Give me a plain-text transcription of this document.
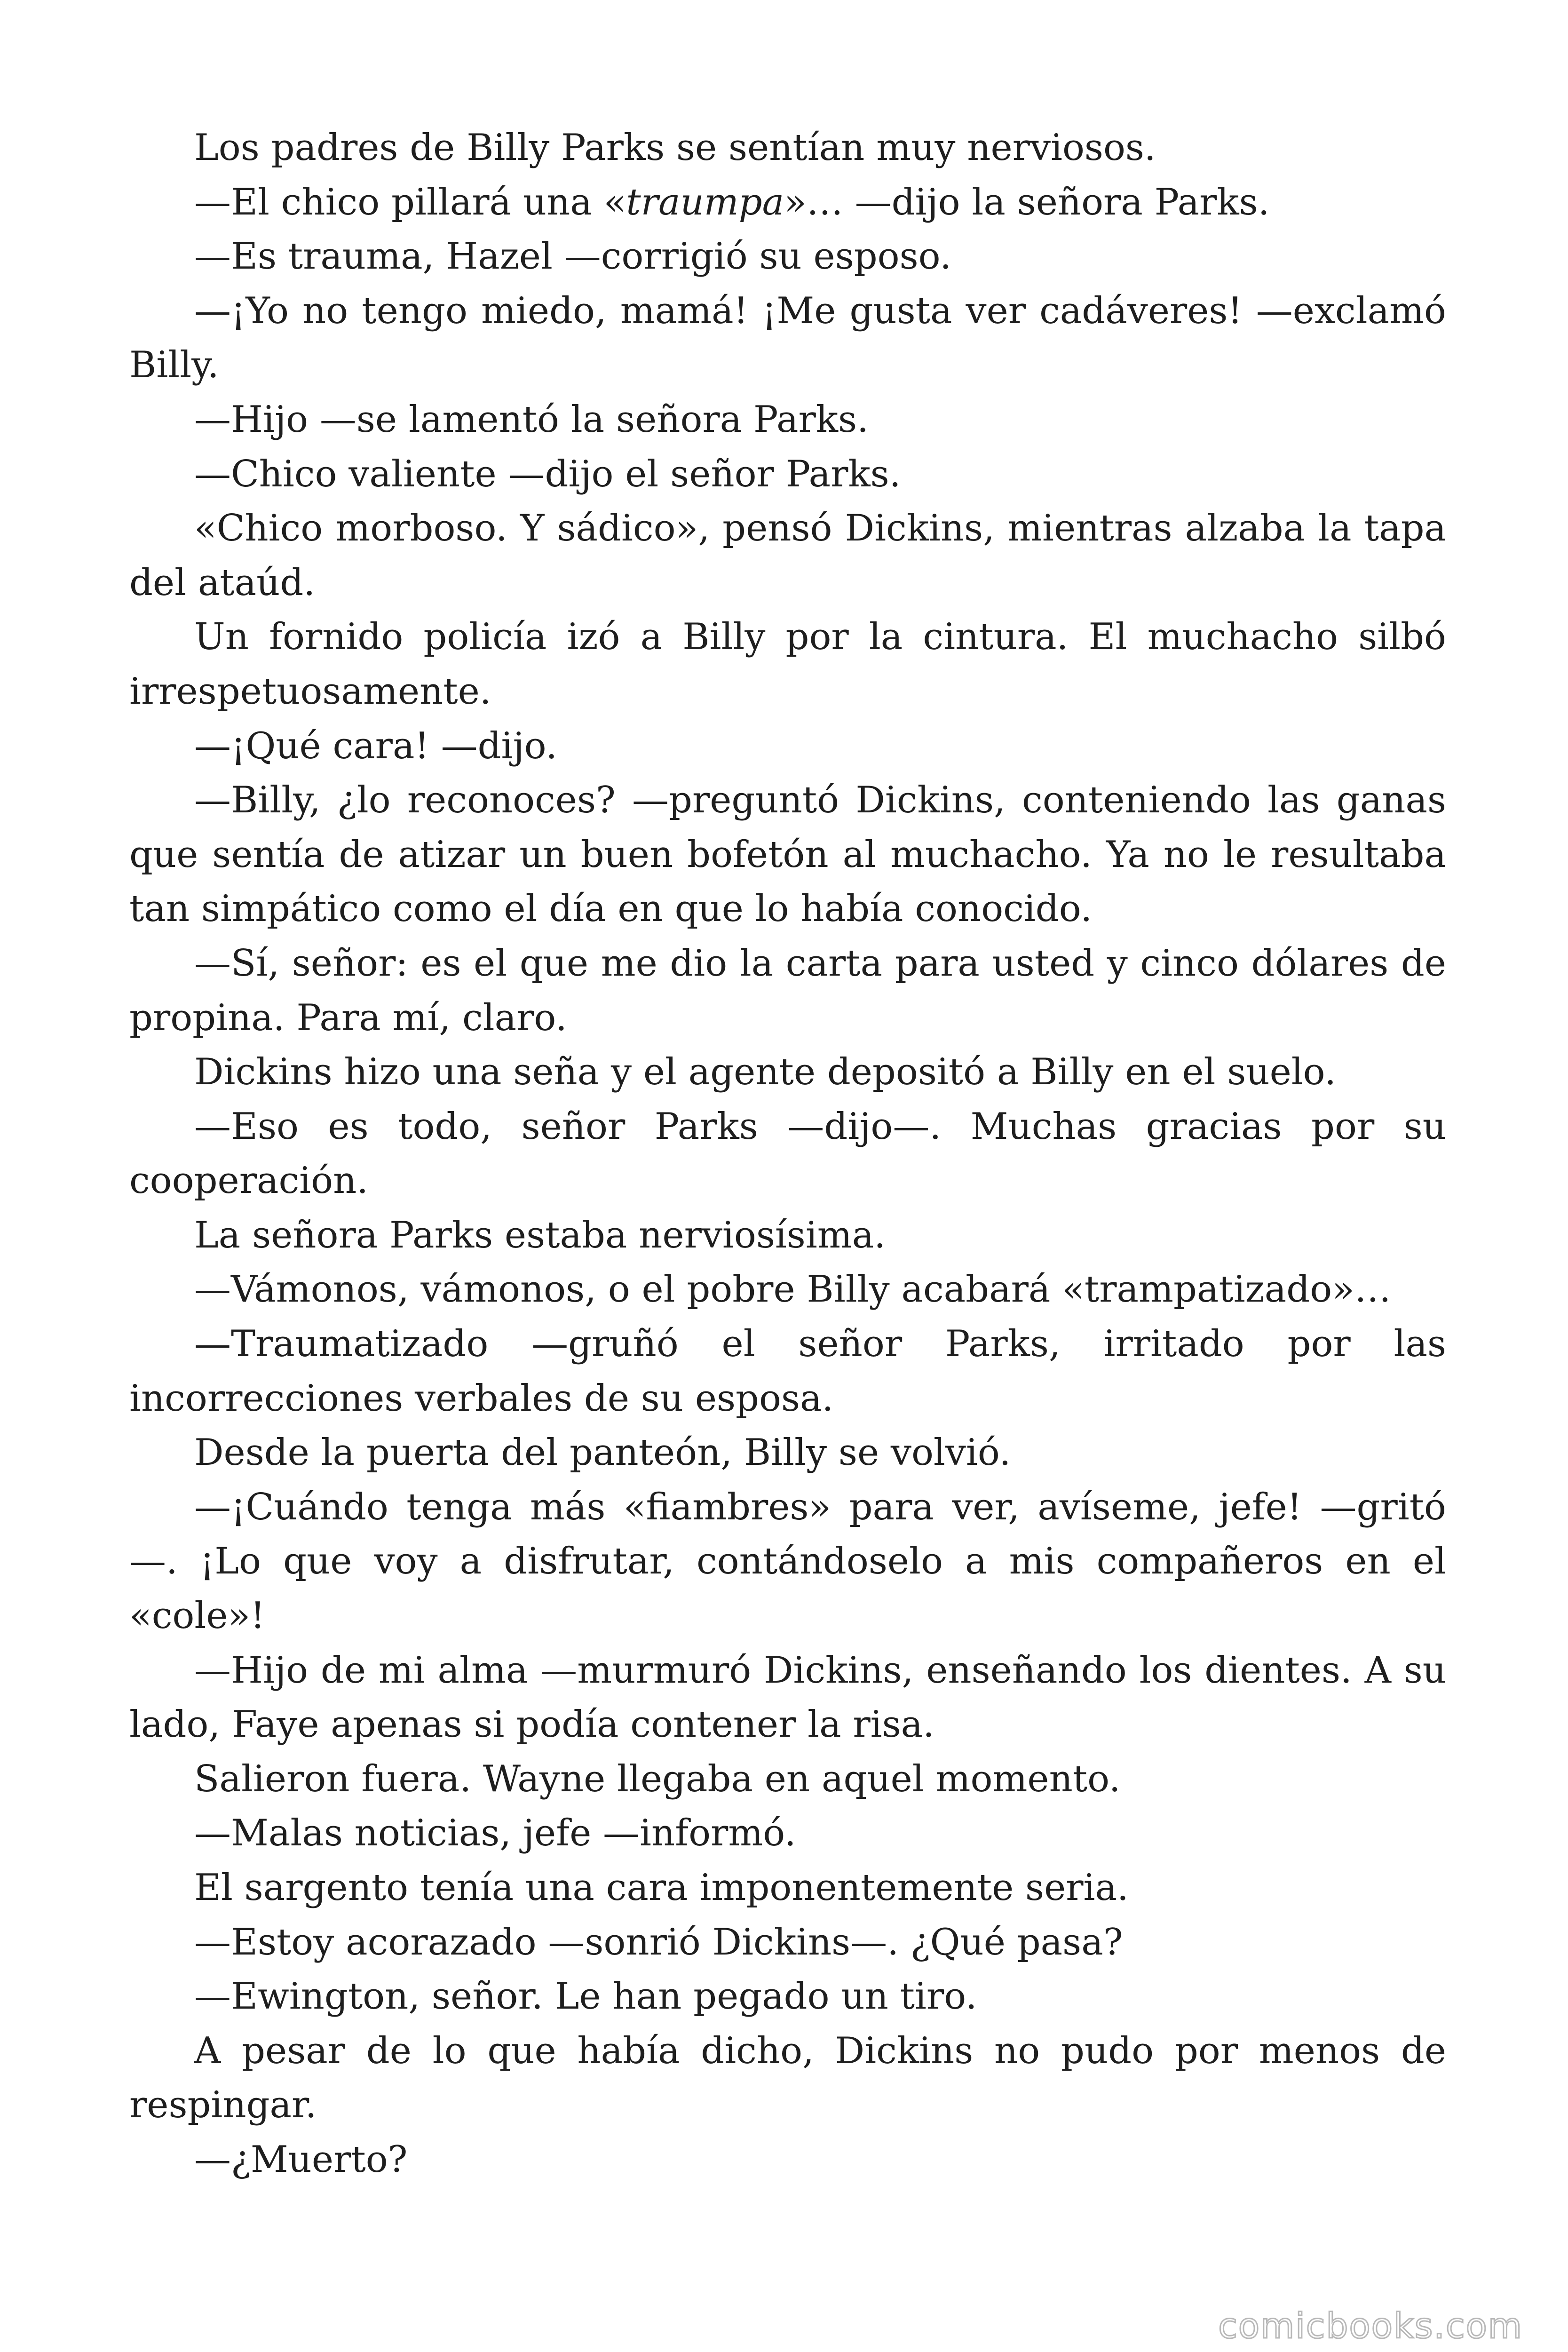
Los padres de Billy Parks se sentían muy nerviosos.

—El chico pillará una «traumpa»… —dijo la señora Parks.

—Es trauma, Hazel —corrigió su esposo.

—¡Yo no tengo miedo, mamá! ¡Me gusta ver cadáveres! —exclamó Billy.

—Hijo —se lamentó la señora Parks.

—Chico valiente —dijo el señor Parks.

«Chico morboso. Y sádico», pensó Dickins, mientras alzaba la tapa del ataúd.

Un fornido policía izó a Billy por la cintura. El muchacho silbó irrespetuosamente.

—¡Qué cara! —dijo.

—Billy, ¿lo reconoces? —preguntó Dickins, conteniendo las ganas que sentía de atizar un buen bofetón al muchacho. Ya no le resultaba tan simpático como el día en que lo había conocido.

—Sí, señor: es el que me dio la carta para usted y cinco dólares de propina. Para mí, claro.

Dickins hizo una seña y el agente depositó a Billy en el suelo.

—Eso es todo, señor Parks —dijo—. Muchas gracias por su cooperación.

La señora Parks estaba nerviosísima.

—Vámonos, vámonos, o el pobre Billy acabará «trampatizado»…

—Traumatizado —gruñó el señor Parks, irritado por las incorrecciones verbales de su esposa.

Desde la puerta del panteón, Billy se volvió.

—¡Cuándo tenga más «fiambres» para ver, avíseme, jefe! —gritó —. ¡Lo que voy a disfrutar, contándoselo a mis compañeros en el «cole»!

—Hijo de mi alma —murmuró Dickins, enseñando los dientes. A su lado, Faye apenas si podía contener la risa.

Salieron fuera. Wayne llegaba en aquel momento.

—Malas noticias, jefe —informó.

El sargento tenía una cara imponentemente seria.

—Estoy acorazado —sonrió Dickins—. ¿Qué pasa?

—Ewington, señor. Le han pegado un tiro.

A pesar de lo que había dicho, Dickins no pudo por menos de respingar.

—¿Muerto?

comicbooks.com
